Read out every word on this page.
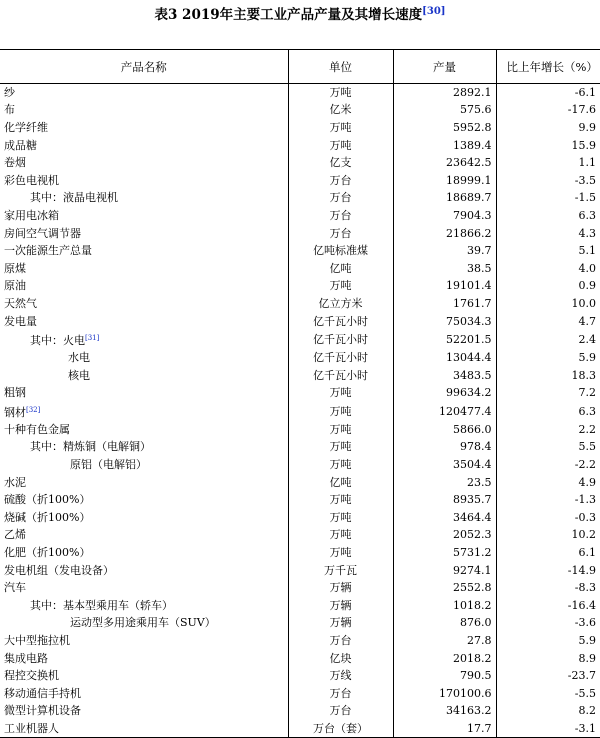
表3 2019年主要工业产品产量及其增长速度[30]
产品名称	单位	产量	比上年增长（%）
纱	万吨	2892.1	-6.1
布	亿米	575.6	-17.6
化学纤维	万吨	5952.8	9.9
成品糖	万吨	1389.4	15.9
卷烟	亿支	23642.5	1.1
彩色电视机	万台	18999.1	-3.5
其中：液晶电视机	万台	18689.7	-1.5
家用电冰箱	万台	7904.3	6.3
房间空气调节器	万台	21866.2	4.3
一次能源生产总量	亿吨标准煤	39.7	5.1
原煤	亿吨	38.5	4.0
原油	万吨	19101.4	0.9
天然气	亿立方米	1761.7	10.0
发电量	亿千瓦小时	75034.3	4.7
其中：火电[31]	亿千瓦小时	52201.5	2.4
水电	亿千瓦小时	13044.4	5.9
核电	亿千瓦小时	3483.5	18.3
粗钢	万吨	99634.2	7.2
钢材[32]	万吨	120477.4	6.3
十种有色金属	万吨	5866.0	2.2
其中：精炼铜（电解铜）	万吨	978.4	5.5
原铝（电解铝）	万吨	3504.4	-2.2
水泥	亿吨	23.5	4.9
硫酸（折100%）	万吨	8935.7	-1.3
烧碱（折100%）	万吨	3464.4	-0.3
乙烯	万吨	2052.3	10.2
化肥（折100%）	万吨	5731.2	6.1
发电机组（发电设备）	万千瓦	9274.1	-14.9
汽车	万辆	2552.8	-8.3
其中：基本型乘用车（轿车）	万辆	1018.2	-16.4
运动型多用途乘用车（SUV）	万辆	876.0	-3.6
大中型拖拉机	万台	27.8	5.9
集成电路	亿块	2018.2	8.9
程控交换机	万线	790.5	-23.7
移动通信手持机	万台	170100.6	-5.5
微型计算机设备	万台	34163.2	8.2
工业机器人	万台（套）	17.7	-3.1
